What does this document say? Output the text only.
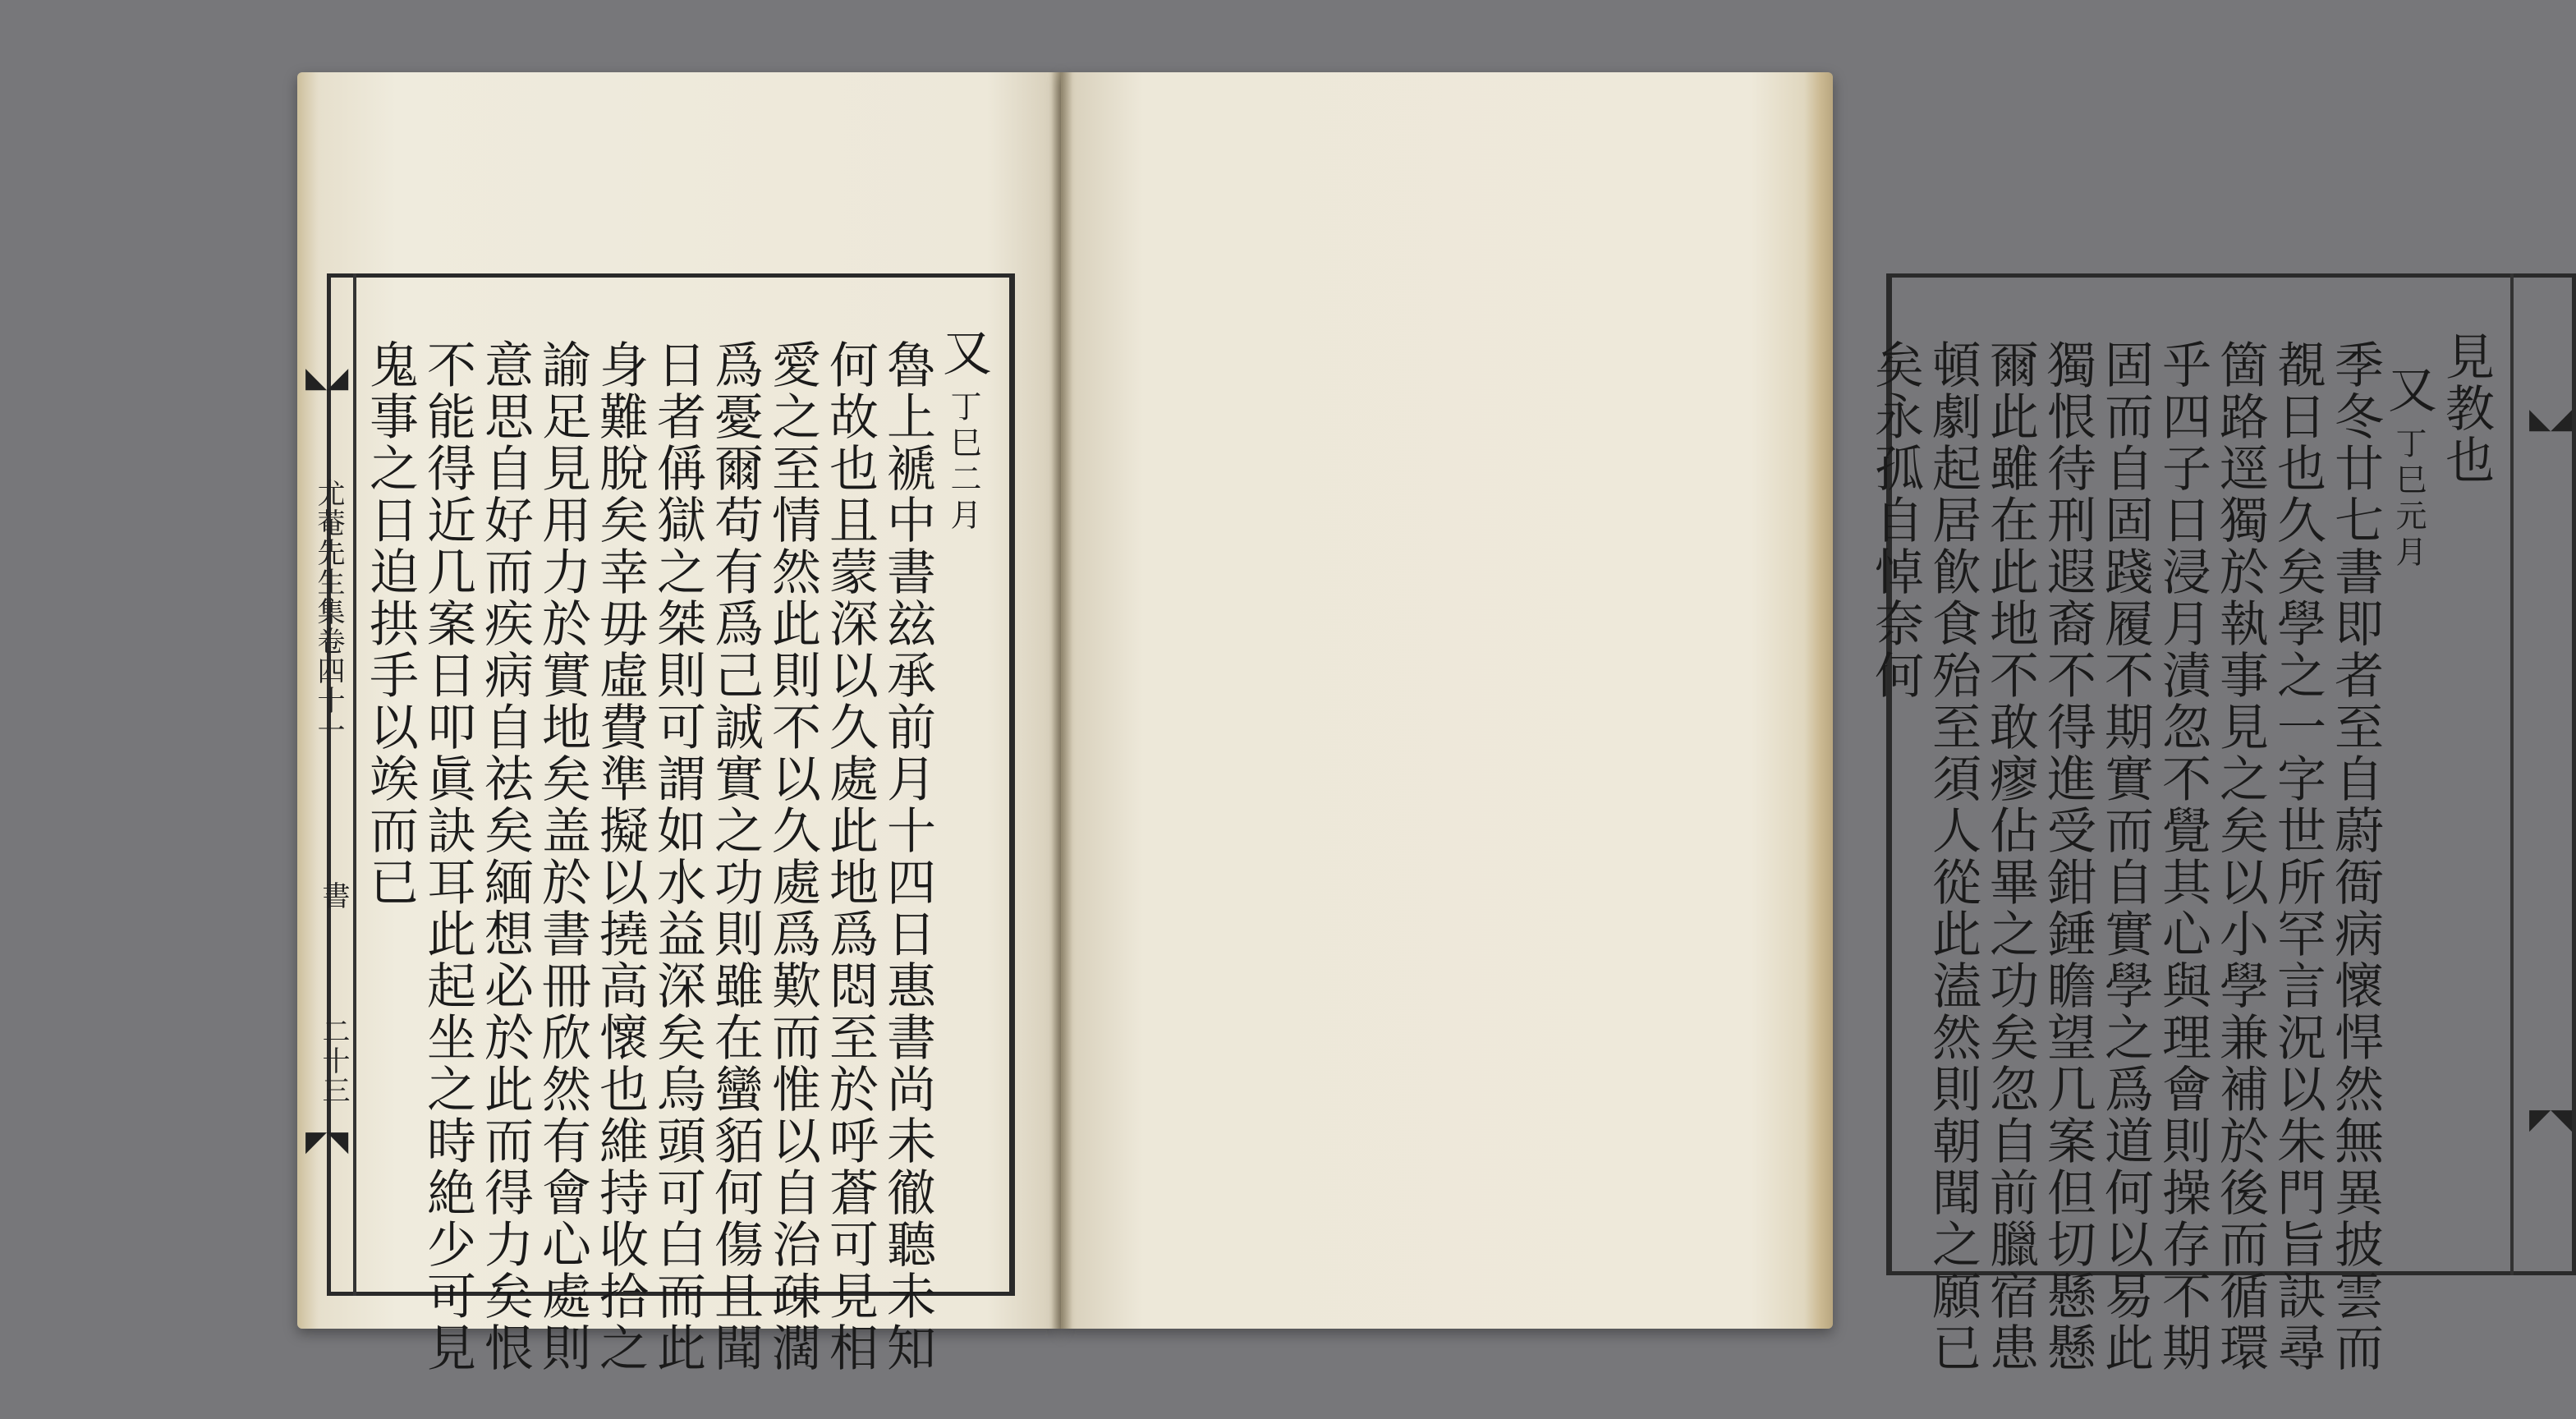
◣◢
尤菴先生集卷四十一
書
二十三
◤◥
又丁巳二月
魯上褫中書玆承前月十四日惠書尚未徹聽未知
何故也且蒙深以久處此地爲悶至於呼蒼可見相
愛之至情然此則不以久處爲歎而惟以自治疎濶
爲憂爾苟有爲己誠實之功則雖在蠻貊何傷且聞
日者偁獄之桀則可謂如水益深矣烏頭可白而此
身難脫矣幸毋虛費準擬以撓高懷也維持收拾之
諭足見用力於實地矣盖於書冊欣然有會心處則
意思自好而疾病自祛矣緬想必於此而得力矣恨
不能得近几案日叩眞訣耳此起坐之時絶少可見
鬼事之日迫拱手以竢而已	◣◢
◤◥
見教也
又丁巳元月
季冬廿七書即者至自蔚衙病懷悍然無異披雲而
覩日也久矣學之一字世所罕言況以朱門旨訣尋
箇路逕獨於執事見之矣以小學兼補於後而循環
乎四子日浸月漬忽不覺其心與理會則操存不期
固而自固踐履不期實而自實學之爲道何以易此
獨恨待刑遐裔不得進受鉗錘瞻望几案但切懸懸
爾此雖在此地不敢瘳佔畢之功矣忽自前臘宿患
頓劇起居飮食殆至須人從此溘然則朝聞之願已
矣永孤自悼奈何
